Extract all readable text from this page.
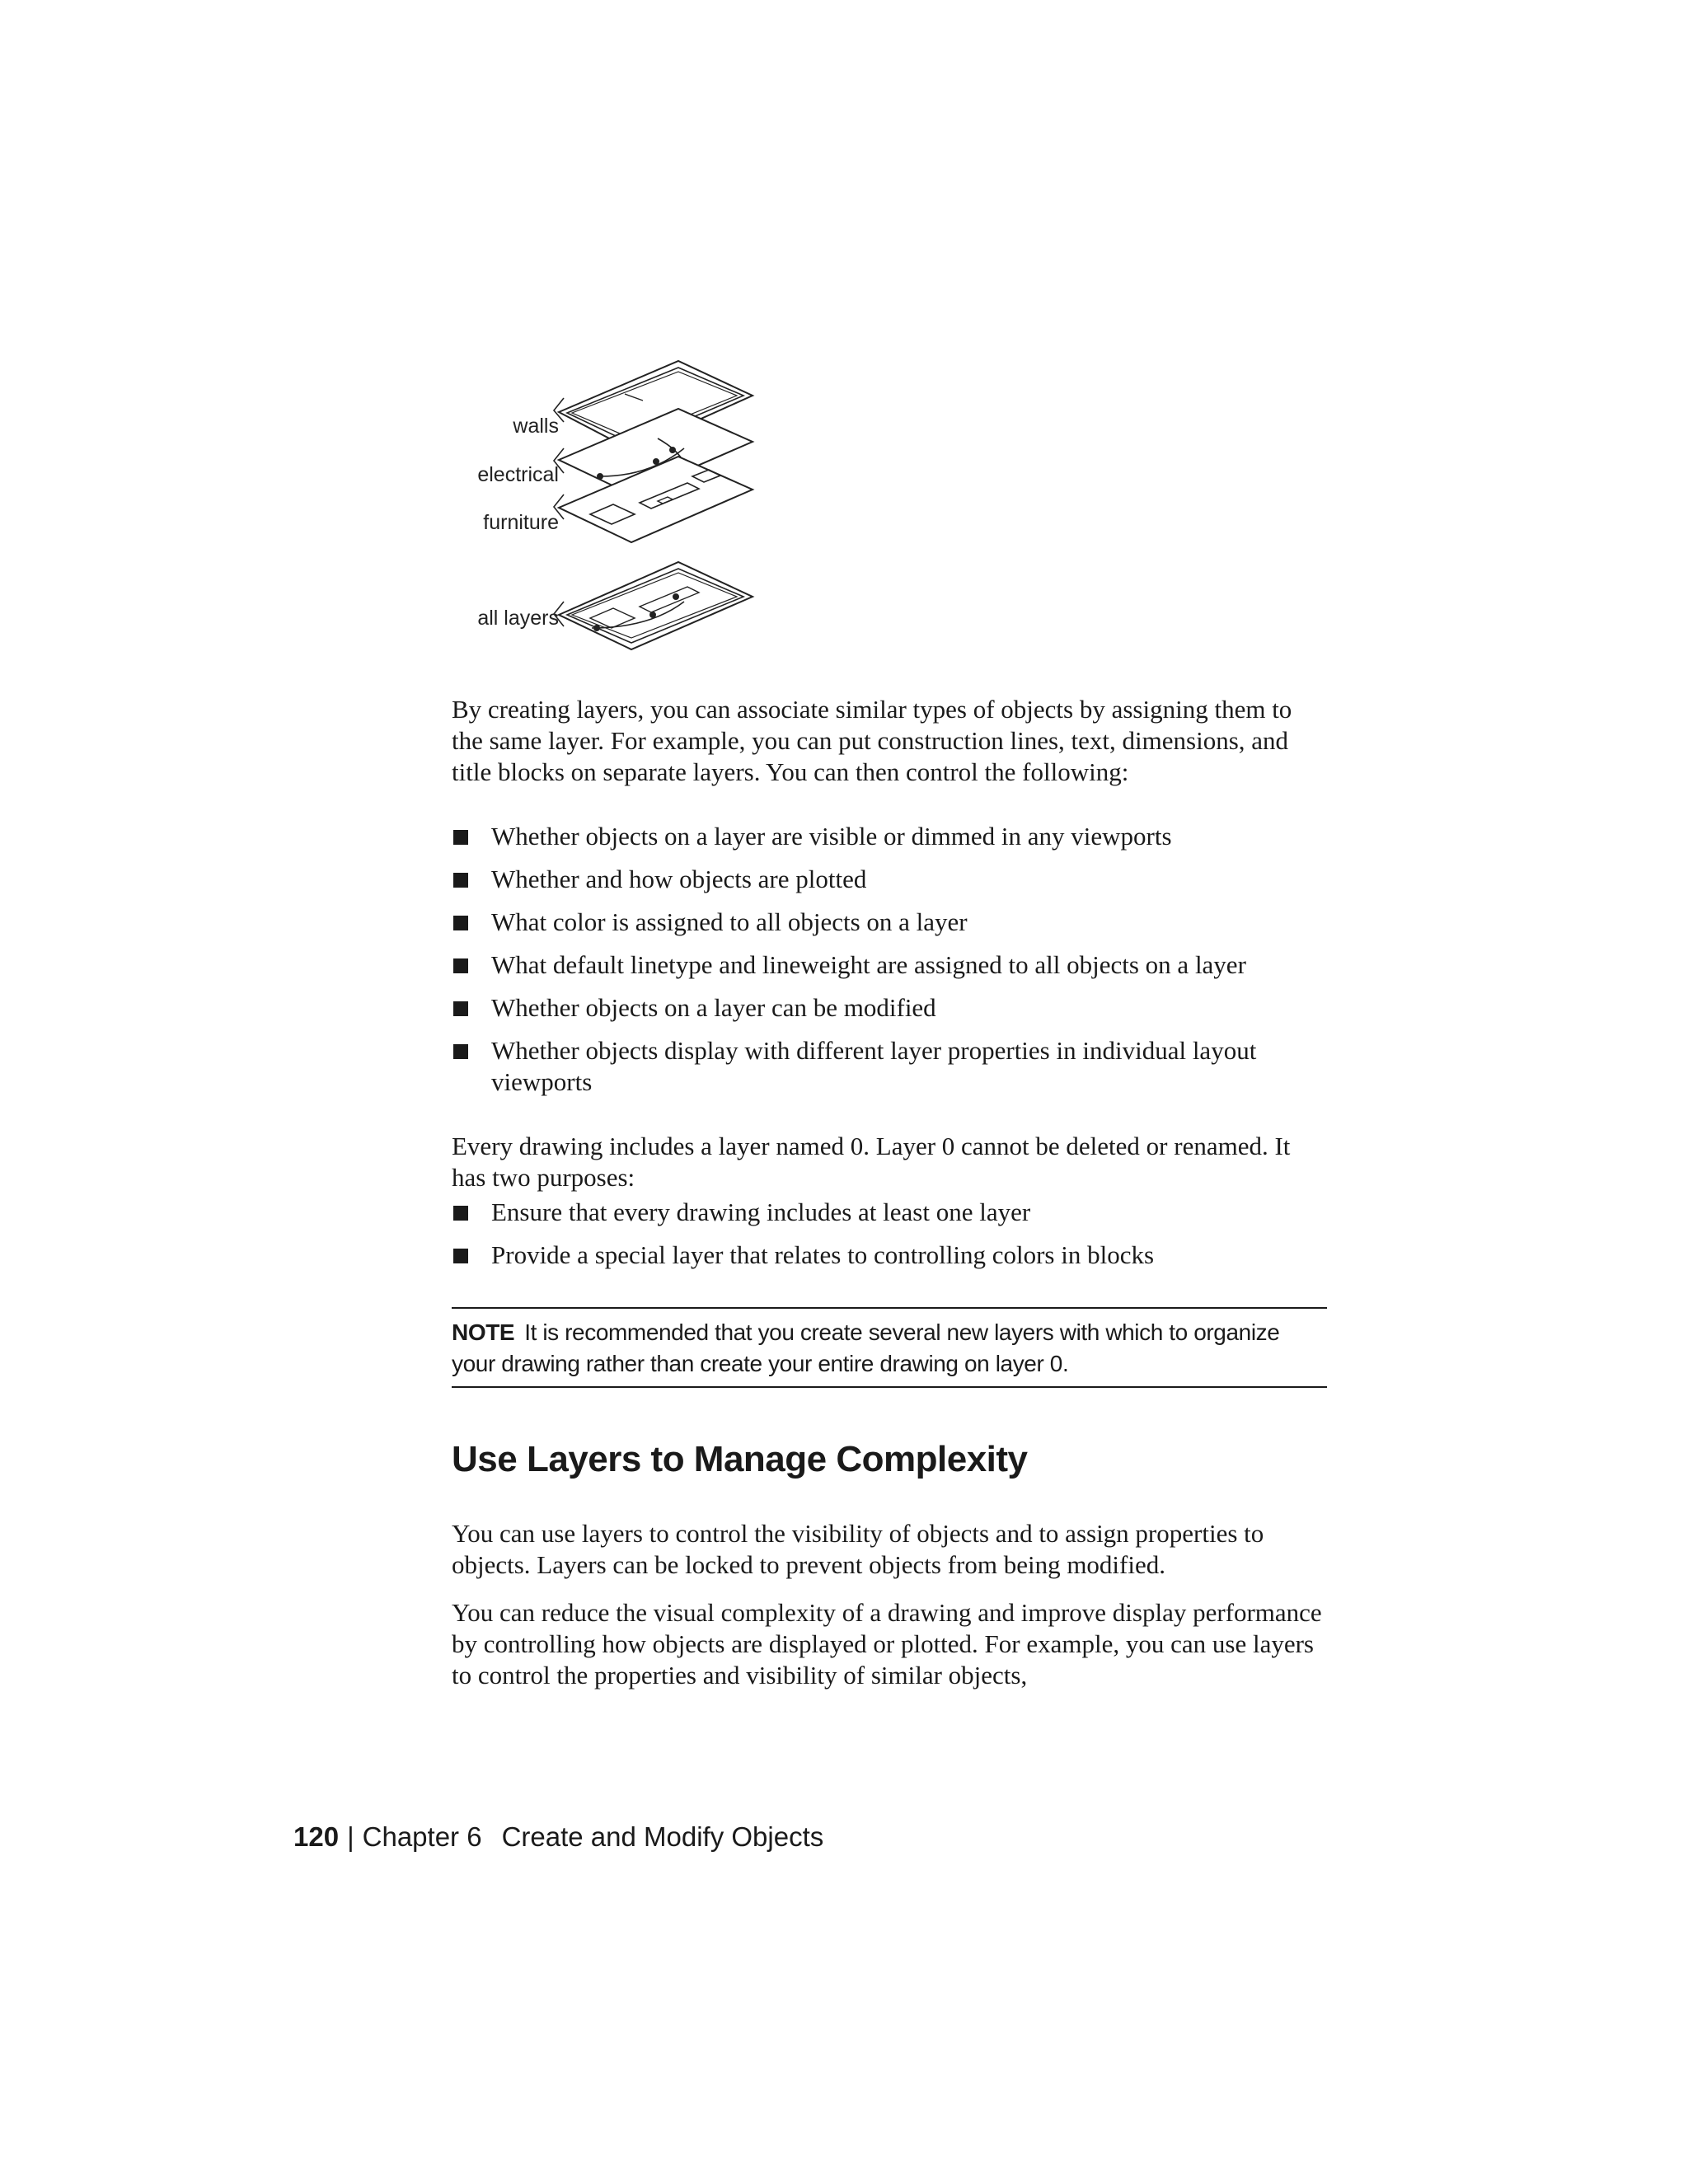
walls
electrical
furniture
all layers

By creating layers, you can associate similar types of objects by assigning them to the same layer. For example, you can put construction lines, text, dimensions, and title blocks on separate layers. You can then control the following:

Whether objects on a layer are visible or dimmed in any viewports
Whether and how objects are plotted
What color is assigned to all objects on a layer
What default linetype and lineweight are assigned to all objects on a layer
Whether objects on a layer can be modified
Whether objects display with different layer properties in individual layout viewports

Every drawing includes a layer named 0. Layer 0 cannot be deleted or renamed. It has two purposes:

Ensure that every drawing includes at least one layer
Provide a special layer that relates to controlling colors in blocks
NOTE It is recommended that you create several new layers with which to organize your drawing rather than create your entire drawing on layer 0.
Use Layers to Manage Complexity

You can use layers to control the visibility of objects and to assign properties to objects. Layers can be locked to prevent objects from being modified.

You can reduce the visual complexity of a drawing and improve display performance by controlling how objects are displayed or plotted. For example, you can use layers to control the properties and visibility of similar objects,

120 | Chapter 6 Create and Modify Objects
